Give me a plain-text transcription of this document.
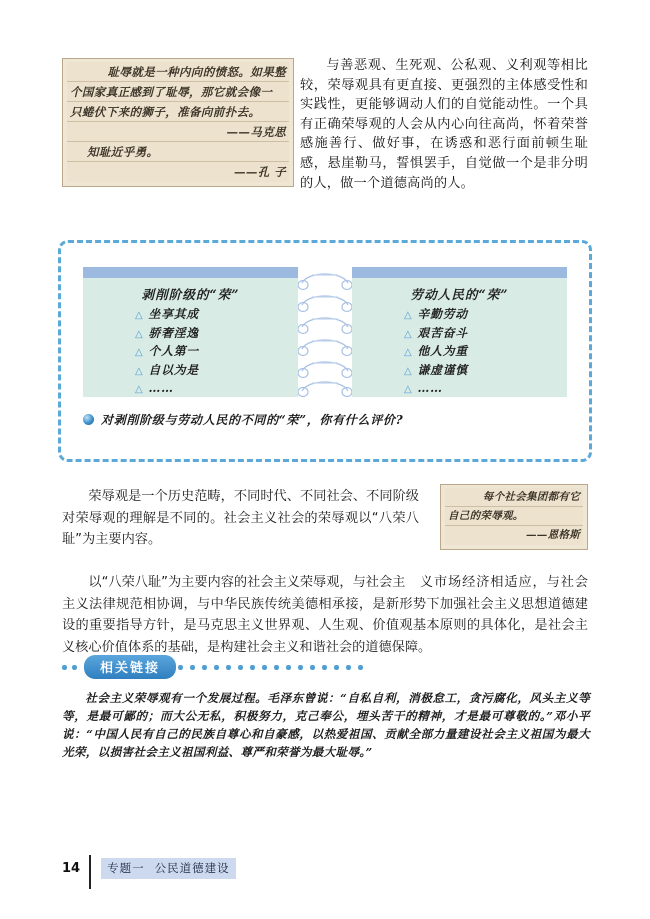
耻辱就是一种内向的愤怒。如果整
个国家真正感到了耻辱，那它就会像一
只蜷伏下来的狮子，准备向前扑去。
——马克思
知耻近乎勇。
——孔 子

与善恶观、生死观、公私观、义利观等相比较，荣辱观具有更直接、更强烈的主体感受性和实践性，更能够调动人们的自觉能动性。一个具有正确荣辱观的人会从内心向往高尚，怀着荣誉感施善行、做好事，在诱惑和恶行面前顿生耻感，悬崖勒马，誓惧罢手，自觉做一个是非分明的人，做一个道德高尚的人。

剥削阶级的“荣”
△ 坐享其成
△ 骄奢淫逸
△ 个人第一
△ 自以为是
△ ……
劳动人民的“荣”
△ 辛勤劳动
△ 艰苦奋斗
△ 他人为重
△ 谦虚谨慎
△ ……
对剥削阶级与劳动人民的不同的“荣”，你有什么评价?

荣辱观是一个历史范畴，不同时代、不同社会、不同阶级对荣辱观的理解是不同的。社会主义社会的荣辱观以“八荣八耻”为主要内容。

每个社会集团都有它
自己的荣辱观。
——恩格斯

以“八荣八耻”为主要内容的社会主义荣辱观，与社会主 义市场经济相适应，与社会主义法律规范相协调，与中华民族传统美德相承接，是新形势下加强社会主义思想道德建设的重要指导方针，是马克思主义世界观、人生观、价值观基本原则的具体化，是社会主义核心价值体系的基础，是构建社会主义和谐社会的道德保障。

相关链接

社会主义荣辱观有一个发展过程。毛泽东曾说：“自私自利，消极怠工，贪污腐化，风头主义等等，是最可鄙的；而大公无私，积极努力，克己奉公，埋头苦干的精神，才是最可尊敬的。”邓小平说：“中国人民有自己的民族自尊心和自豪感，以热爱祖国、贡献全部力量建设社会主义祖国为最大光荣，以损害社会主义祖国利益、尊严和荣誉为最大耻辱。”

14	专题一 公民道德建设
